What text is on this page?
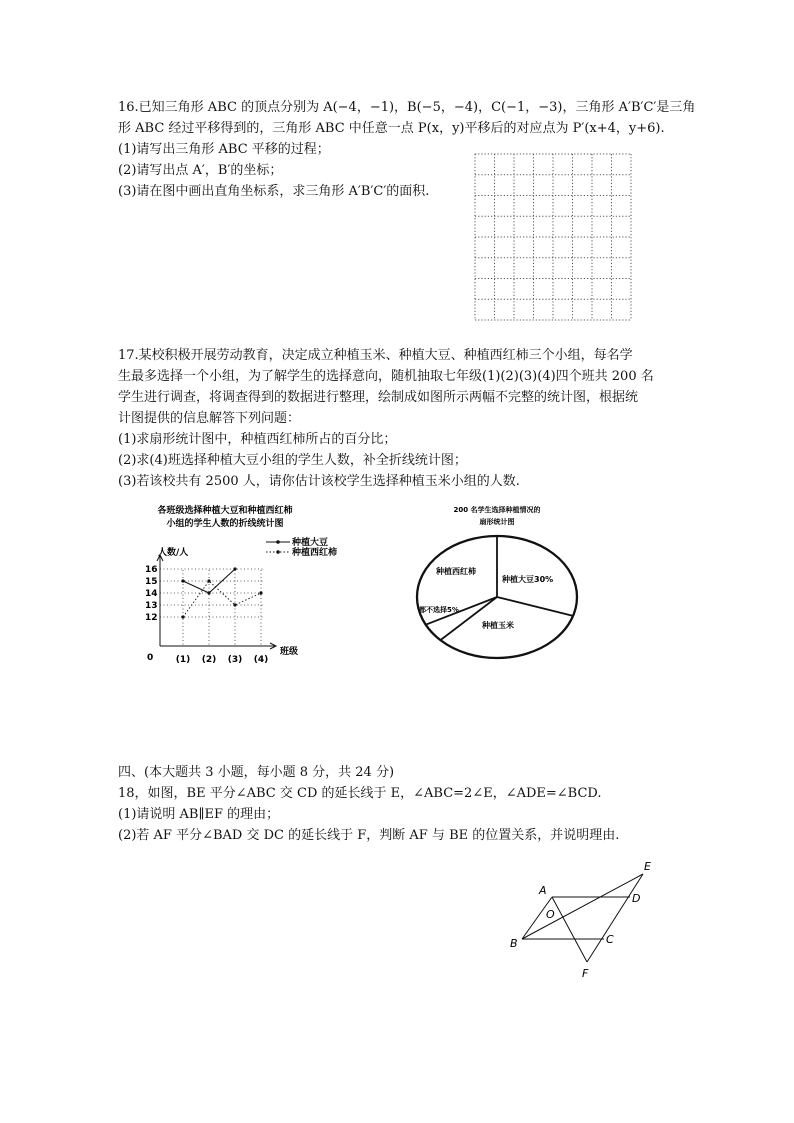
16.已知三角形 ABC 的顶点分别为 A(−4，−1)，B(−5，−4)，C(−1，−3)，三角形 A′B′C′是三角
形 ABC 经过平移得到的，三角形 ABC 中任意一点 P(x，y)平移后的对应点为 P′(x+4，y+6).
(1)请写出三角形 ABC 平移的过程；
(2)请写出点 A′，B′的坐标；
(3)请在图中画出直角坐标系，求三角形 A′B′C′的面积.
17.某校积极开展劳动教育，决定成立种植玉米、种植大豆、种植西红柿三个小组，每名学
生最多选择一个小组，为了解学生的选择意向，随机抽取七年级(1)(2)(3)(4)四个班共 200 名
学生进行调查，将调查得到的数据进行整理，绘制成如图所示两幅不完整的统计图，根据统
计图提供的信息解答下列问题：
(1)求扇形统计图中，种植西红柿所占的百分比；
(2)求(4)班选择种植大豆小组的学生人数，补全折线统计图；
(3)若该校共有 2500 人，请你估计该校学生选择种植玉米小组的人数.
各班级选择种植大豆和种植西红柿
小组的学生人数的折线统计图
种植大豆
种植西红柿
人数/人
班级
0
12
13
14
15
16
(1) (2) (3) (4)
200 名学生选择种植情况的
扇形统计图
种植西红柿
种植大豆30%
都不选择5%
种植玉米
四、(本大题共 3 小题，每小题 8 分，共 24 分)
18，如图，BE 平分∠ABC 交 CD 的延长线于 E，∠ABC=2∠E，∠ADE=∠BCD.
(1)请说明 AB∥EF 的理由；
(2)若 AF 平分∠BAD 交 DC 的延长线于 F，判断 AF 与 BE 的位置关系，并说明理由.
A
B	C
D
E
F
O
